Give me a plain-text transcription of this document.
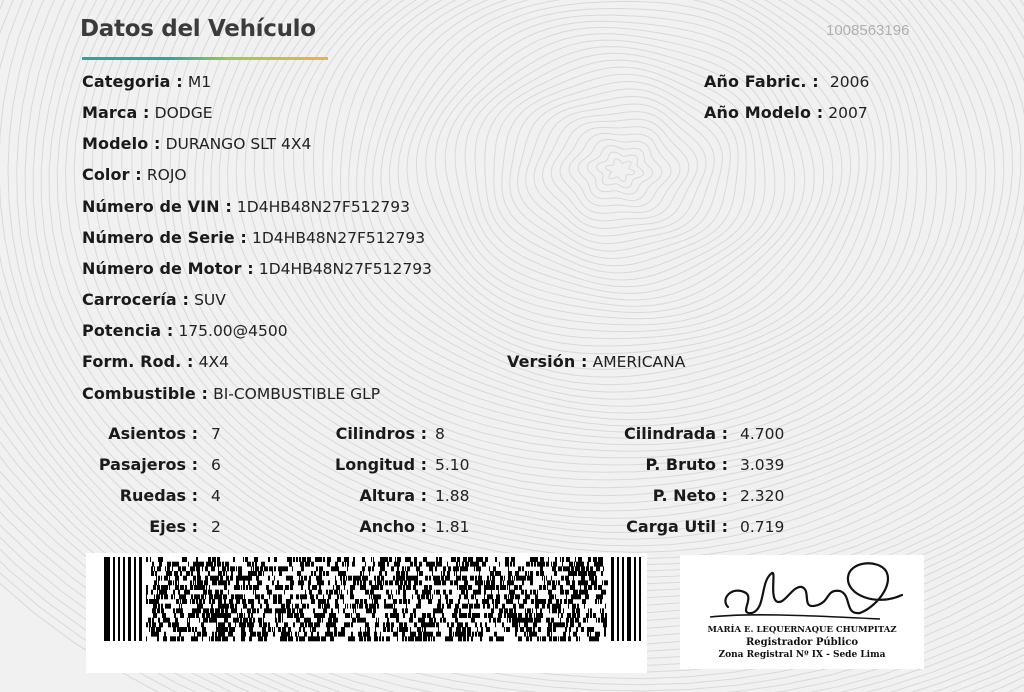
Datos del Vehículo	1008563196
Categoria : M1
Marca : DODGE
Modelo : DURANGO SLT 4X4
Color : ROJO
Número de VIN : 1D4HB48N27F512793
Número de Serie : 1D4HB48N27F512793
Número de Motor : 1D4HB48N27F512793
Carrocería : SUV
Potencia : 175.00@4500
Form. Rod. : 4X4
Combustible : BI-COMBUSTIBLE GLP
Versión : AMERICANA
Año Fabric. : 2006
Año Modelo : 2007
Asientos : 7
Pasajeros : 6
Ruedas : 4
Ejes : 2
Cilindros : 8
Longitud : 5.10
Altura : 1.88
Ancho : 1.81
Cilindrada : 4.700
P. Bruto : 3.039
P. Neto : 2.320
Carga Util : 0.719
MARÍA E. LEQUERNAQUE CHUMPITAZ
Registrador Público
Zona Registral Nº IX - Sede Lima
